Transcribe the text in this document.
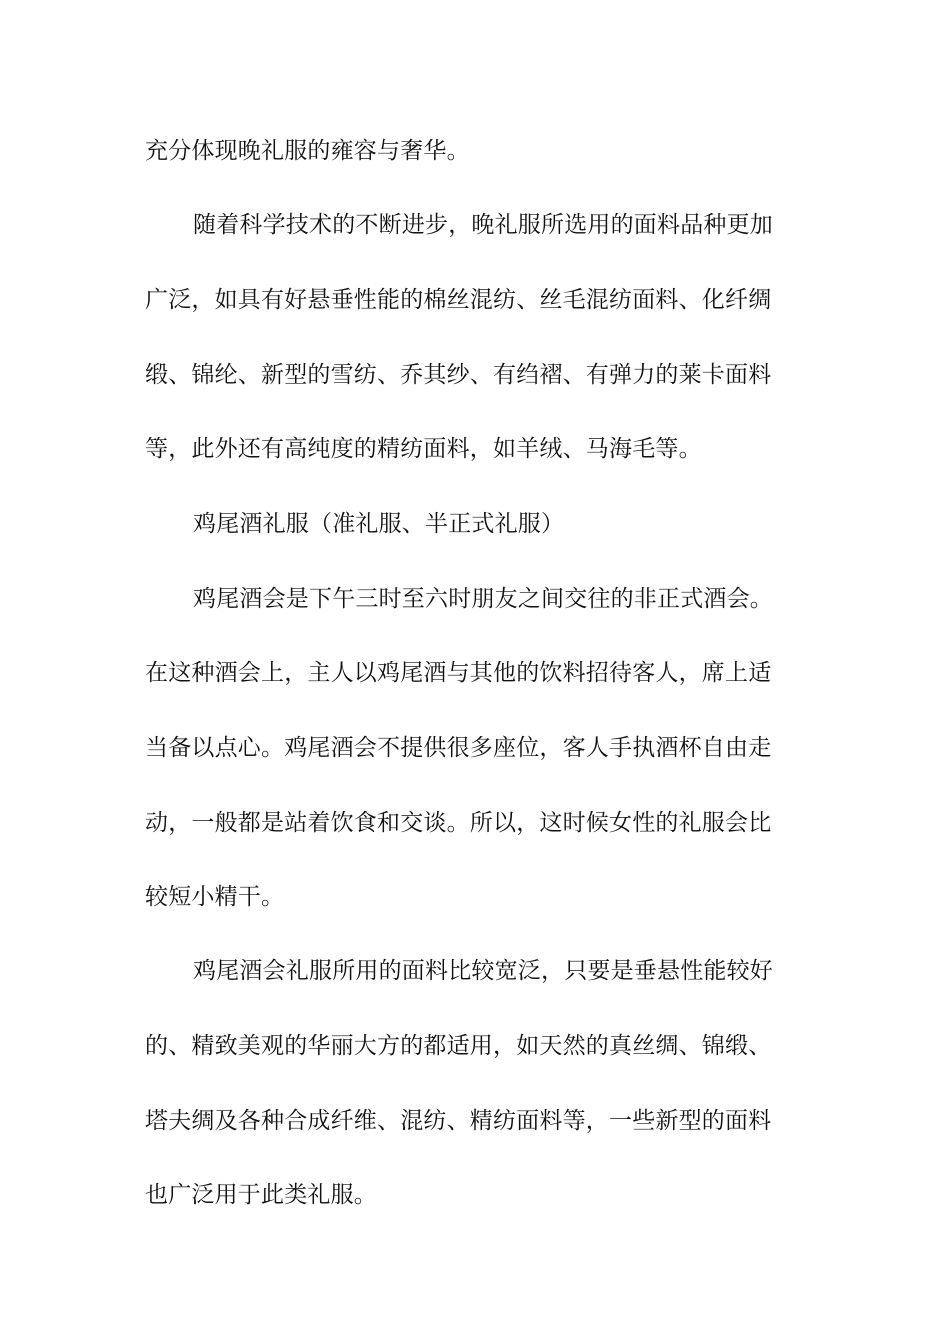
充分体现晚礼服的雍容与奢华。
随着科学技术的不断进步，晚礼服所选用的面料品种更加
广泛，如具有好悬垂性能的棉丝混纺、丝毛混纺面料、化纤绸
缎、锦纶、新型的雪纺、乔其纱、有绉褶、有弹力的莱卡面料
等，此外还有高纯度的精纺面料，如羊绒、马海毛等。
鸡尾酒礼服（准礼服、半正式礼服）
鸡尾酒会是下午三时至六时朋友之间交往的非正式酒会。
在这种酒会上，主人以鸡尾酒与其他的饮料招待客人，席上适
当备以点心。鸡尾酒会不提供很多座位，客人手执酒杯自由走
动，一般都是站着饮食和交谈。所以，这时候女性的礼服会比
较短小精干。
鸡尾酒会礼服所用的面料比较宽泛，只要是垂悬性能较好
的、精致美观的华丽大方的都适用，如天然的真丝绸、锦缎、
塔夫绸及各种合成纤维、混纺、精纺面料等，一些新型的面料
也广泛用于此类礼服。
